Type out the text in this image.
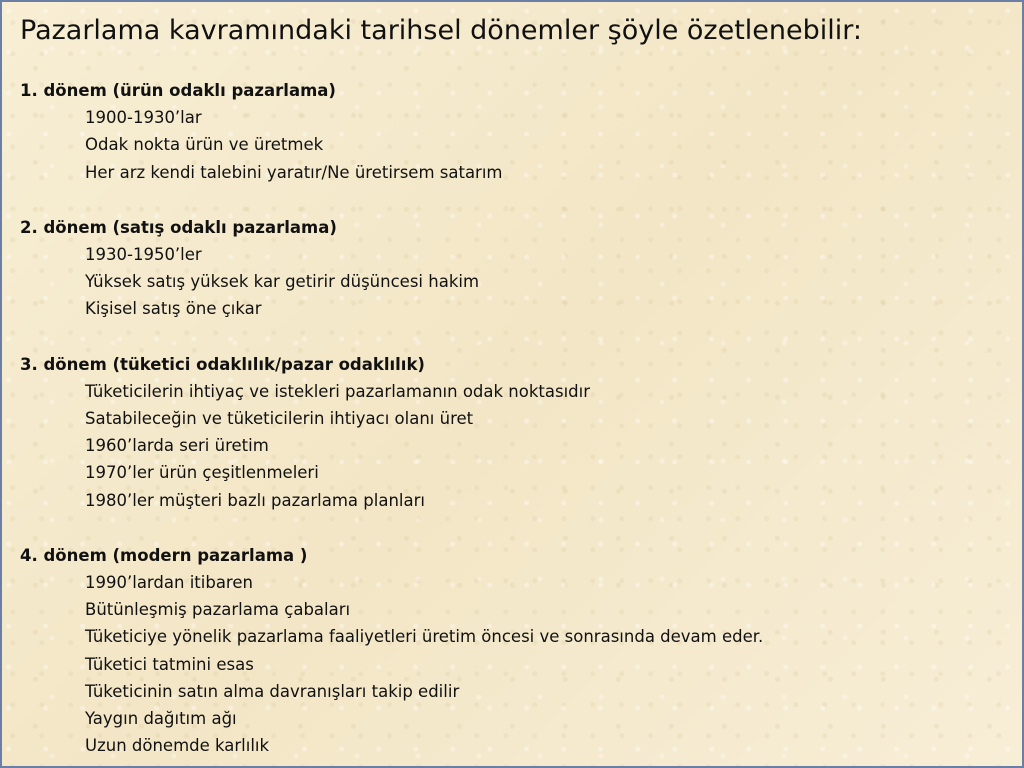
Pazarlama kavramındaki tarihsel dönemler şöyle özetlenebilir:
1. dönem (ürün odaklı pazarlama)
1900-1930’lar
Odak nokta ürün ve üretmek
Her arz kendi talebini yaratır/Ne üretirsem satarım
2. dönem (satış odaklı pazarlama)
1930-1950’ler
Yüksek satış yüksek kar getirir düşüncesi hakim
Kişisel satış öne çıkar
3. dönem (tüketici odaklılık/pazar odaklılık)
Tüketicilerin ihtiyaç ve istekleri pazarlamanın odak noktasıdır
Satabileceğin ve tüketicilerin ihtiyacı olanı üret
1960’larda seri üretim
1970’ler ürün çeşitlenmeleri
1980’ler müşteri bazlı pazarlama planları
4. dönem (modern pazarlama )
1990’lardan itibaren
Bütünleşmiş pazarlama çabaları
Tüketiciye yönelik pazarlama faaliyetleri üretim öncesi ve sonrasında devam eder.
Tüketici tatmini esas
Tüketicinin satın alma davranışları takip edilir
Yaygın dağıtım ağı
Uzun dönemde karlılık
